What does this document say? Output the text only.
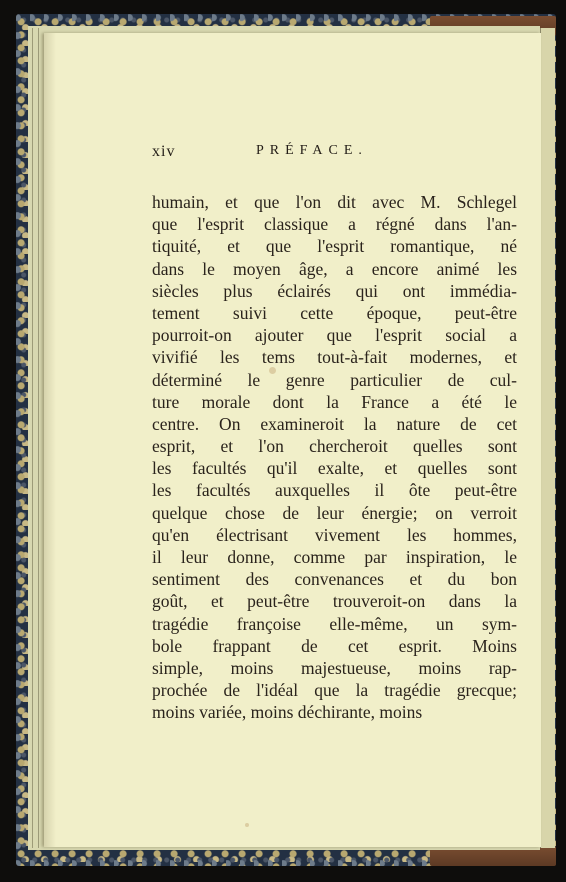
xiv	PRÉFACE.
humain, et que l'on dit avec M. Schlegel
que l'esprit classique a régné dans l'an-
tiquité, et que l'esprit romantique, né
dans le moyen âge, a encore animé les
siècles plus éclairés qui ont immédia-
tement suivi cette époque, peut-être
pourroit-on ajouter que l'esprit social a
vivifié les tems tout-à-fait modernes, et
déterminé le genre particulier de cul-
ture morale dont la France a été le
centre. On examineroit la nature de cet
esprit, et l'on chercheroit quelles sont
les facultés qu'il exalte, et quelles sont
les facultés auxquelles il ôte peut-être
quelque chose de leur énergie; on verroit
qu'en électrisant vivement les hommes,
il leur donne, comme par inspiration, le
sentiment des convenances et du bon
goût, et peut-être trouveroit-on dans la
tragédie françoise elle-même, un sym-
bole frappant de cet esprit. Moins
simple, moins majestueuse, moins rap-
prochée de l'idéal que la tragédie grecque;
moins variée, moins déchirante, moins
